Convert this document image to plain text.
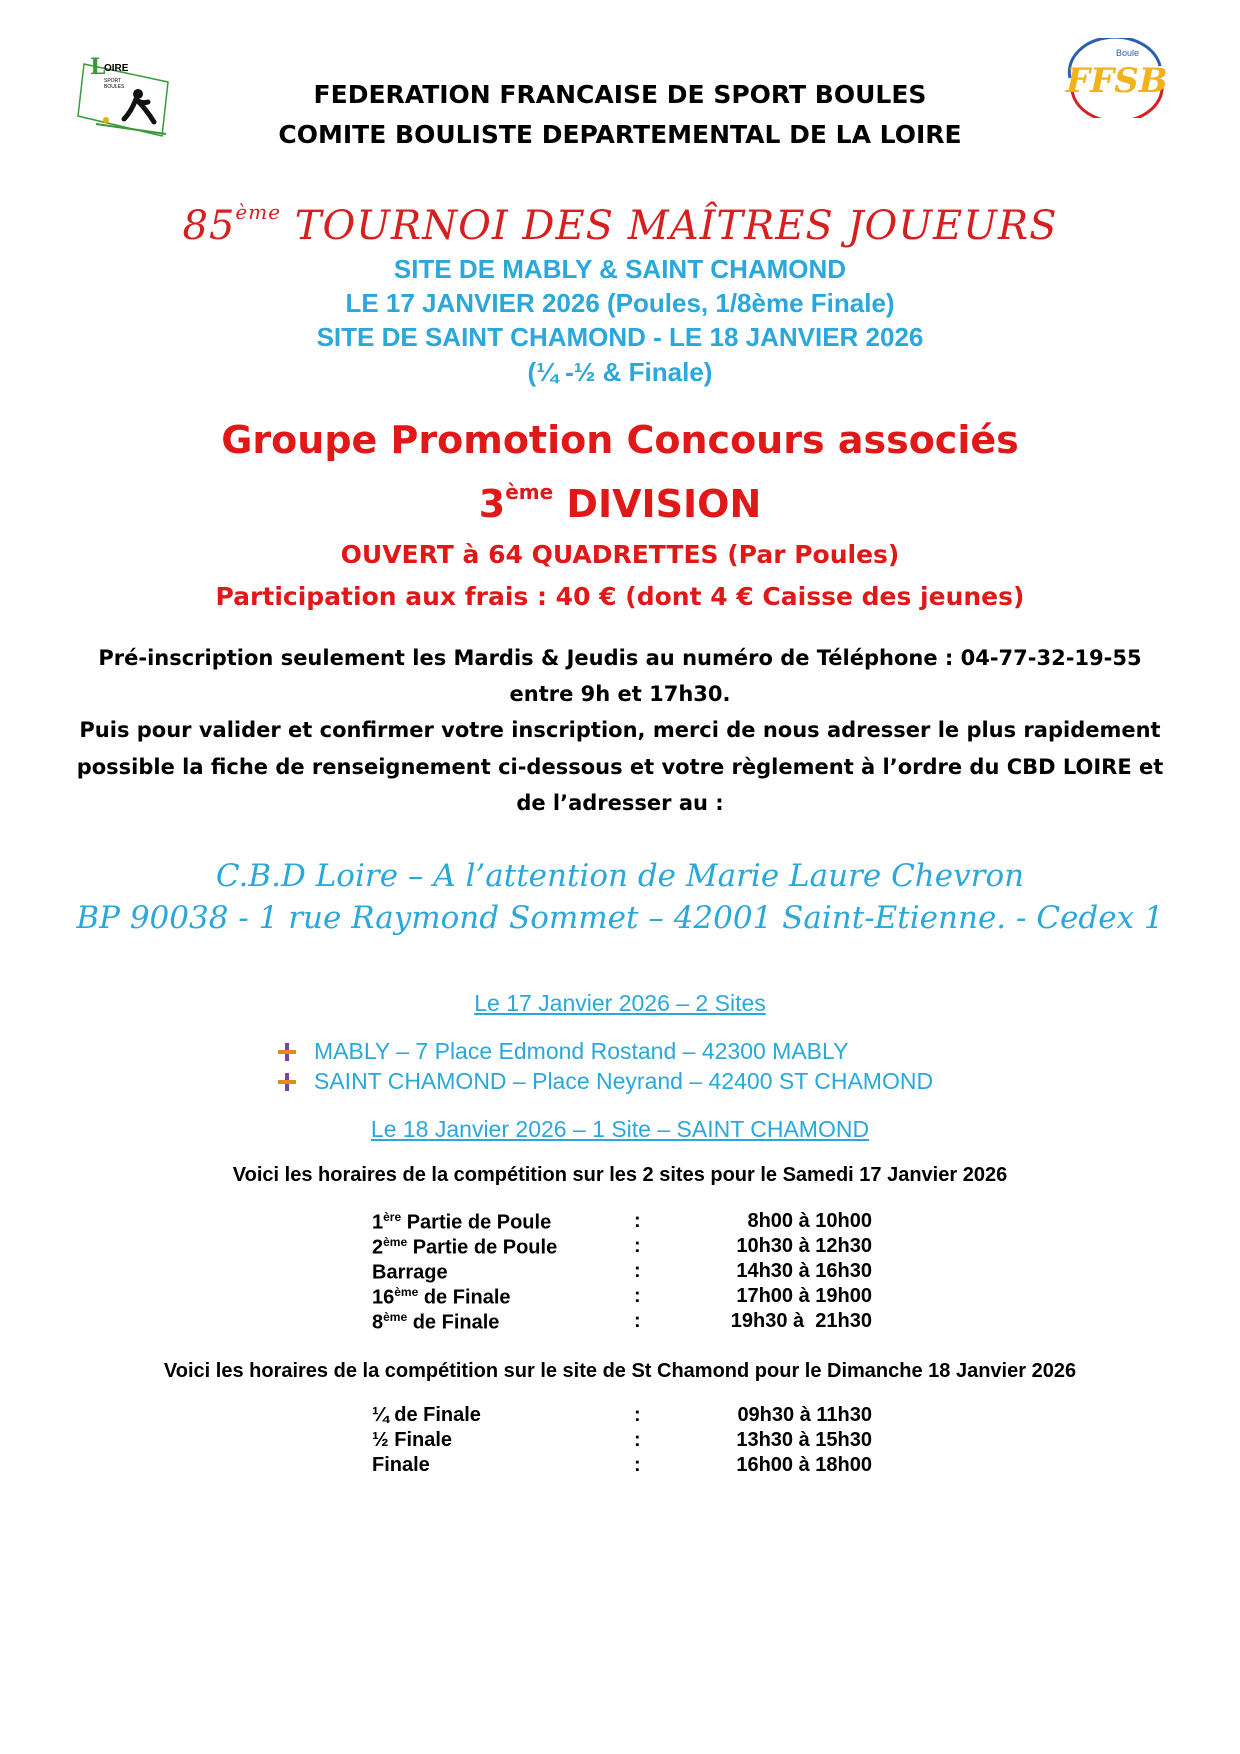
L
OIRE
SPORT
BOULES
Boule
FFSB
FEDERATION FRANCAISE DE SPORT BOULES
COMITE BOULISTE DEPARTEMENTAL DE LA LOIRE
85ème TOURNOI DES MAÎTRES JOUEURS
SITE DE MABLY & SAINT CHAMOND
LE 17 JANVIER 2026 (Poules, 1/8ème Finale)
SITE DE SAINT CHAMOND - LE 18 JANVIER 2026
(¼ -½ & Finale)
Groupe Promotion Concours associés
3ème DIVISION
OUVERT à 64 QUADRETTES (Par Poules)
Participation aux frais : 40 € (dont 4 € Caisse des jeunes)
Pré-inscription seulement les Mardis & Jeudis au numéro de Téléphone : 04-77-32-19-55
entre 9h et 17h30.
Puis pour valider et confirmer votre inscription, merci de nous adresser le plus rapidement
possible la fiche de renseignement ci-dessous et votre règlement à l’ordre du CBD LOIRE et
de l’adresser au :
C.B.D Loire – A l’attention de Marie Laure Chevron
BP 90038 - 1 rue Raymond Sommet – 42001 Saint-Etienne. - Cedex 1
Le 17 Janvier 2026 – 2 Sites
MABLY – 7 Place Edmond Rostand – 42300 MABLY
SAINT CHAMOND – Place Neyrand – 42400 ST CHAMOND
Le 18 Janvier 2026 – 1 Site – SAINT CHAMOND
Voici les horaires de la compétition sur les 2 sites pour le Samedi 17 Janvier 2026
1ère Partie de Poule	:	8h00 à 10h00
2ème Partie de Poule	:	10h30 à 12h30
Barrage	:	14h30 à 16h30
16ème de Finale	:	17h00 à 19h00
8ème de Finale	:	19h30 à  21h30
Voici les horaires de la compétition sur le site de St Chamond pour le Dimanche 18 Janvier 2026
¼ de Finale	:	09h30 à 11h30
½ Finale	:	13h30 à 15h30
Finale	:	16h00 à 18h00
